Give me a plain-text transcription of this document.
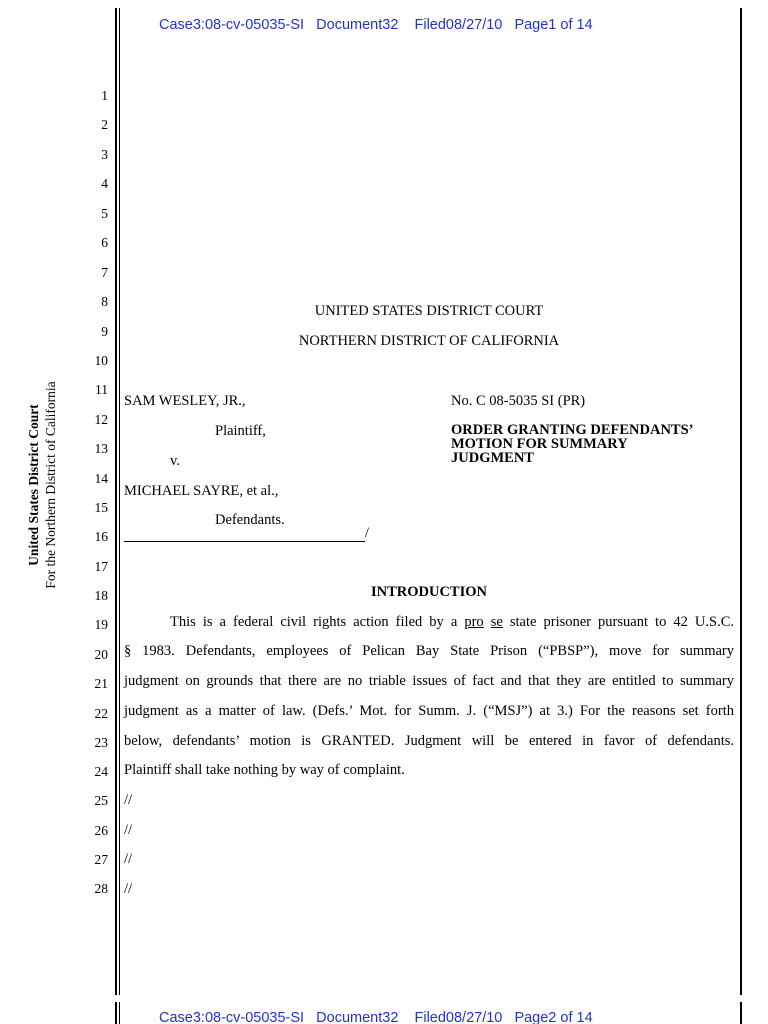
Case3:08-cv-05035-SI   Document32    Filed08/27/10   Page1 of 14
United States District Court For the Northern District of California
1
2
3
4
5
6
7
8
9
10
11
12
13
14
15
16
17
18
19
20
21
22
23
24
25
26
27
28
UNITED STATES DISTRICT COURT
NORTHERN DISTRICT OF CALIFORNIA
SAM WESLEY, JR.,
Plaintiff,
v.
MICHAEL SAYRE, et al.,
Defendants.
/
No. C 08-5035 SI (PR)
ORDER GRANTING DEFENDANTS’
MOTION FOR SUMMARY
JUDGMENT
INTRODUCTION
This is a federal civil rights action filed by a pro se state prisoner pursuant to 42 U.S.C.
§ 1983. Defendants, employees of Pelican Bay State Prison (“PBSP”), move for summary
judgment on grounds that there are no triable issues of fact and that they are entitled to summary
judgment as a matter of law. (Defs.’ Mot. for Summ. J. (“MSJ”) at 3.) For the reasons set forth
below, defendants’ motion is GRANTED. Judgment will be entered in favor of defendants.
Plaintiff shall take nothing by way of complaint.
//
//
//
//
Case3:08-cv-05035-SI   Document32    Filed08/27/10   Page2 of 14
